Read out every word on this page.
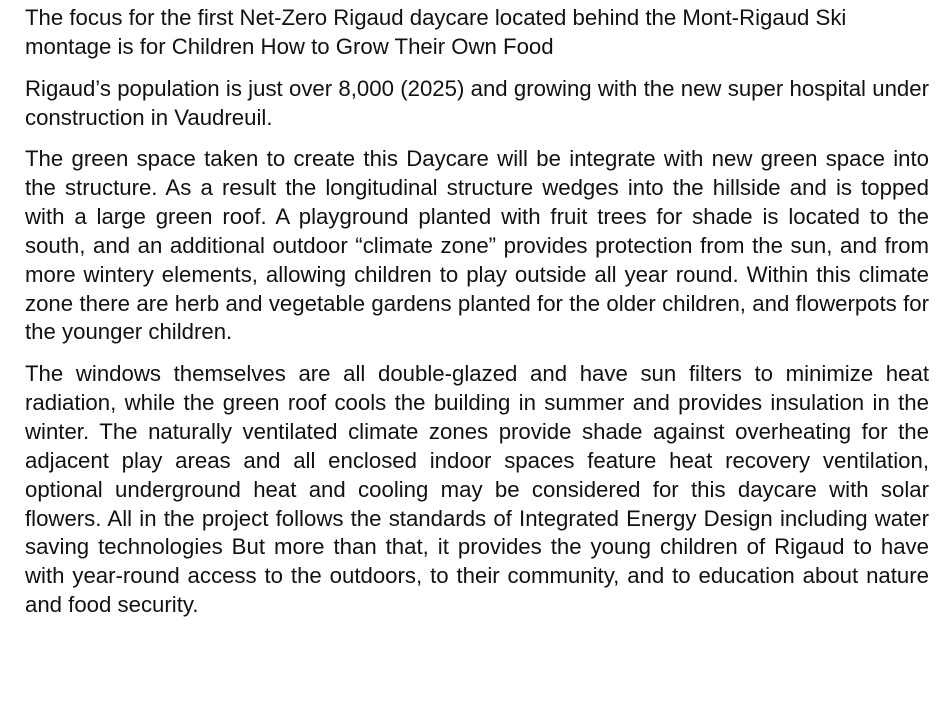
The focus for the first Net-Zero Rigaud daycare located behind the Mont-Rigaud Ski montage is for Children How to Grow Their Own Food

Rigaud’s population is just over 8,000 (2025) and growing with the new super hospital under construction in Vaudreuil.

The green space taken to create this Daycare will be integrate with new green space into the structure. As a result the longitudinal structure wedges into the hillside and is topped with a large green roof. A playground planted with fruit trees for shade is located to the south, and an additional outdoor “climate zone” provides protection from the sun, and from more wintery elements, allowing children to play outside all year round. Within this climate zone there are herb and vegetable gardens planted for the older children, and flowerpots for the younger children.

The windows themselves are all double-glazed and have sun filters to minimize heat radiation, while the green roof cools the building in summer and provides insulation in the winter. The naturally ventilated climate zones provide shade against overheating for the adjacent play areas and all enclosed indoor spaces feature heat recovery ventilation, optional underground heat and cooling may be considered for this daycare with solar flowers. All in the project follows the standards of Integrated Energy Design including water saving technologies But more than that, it provides the young children of Rigaud to have with year-round access to the outdoors, to their community, and to education about nature and food security.
